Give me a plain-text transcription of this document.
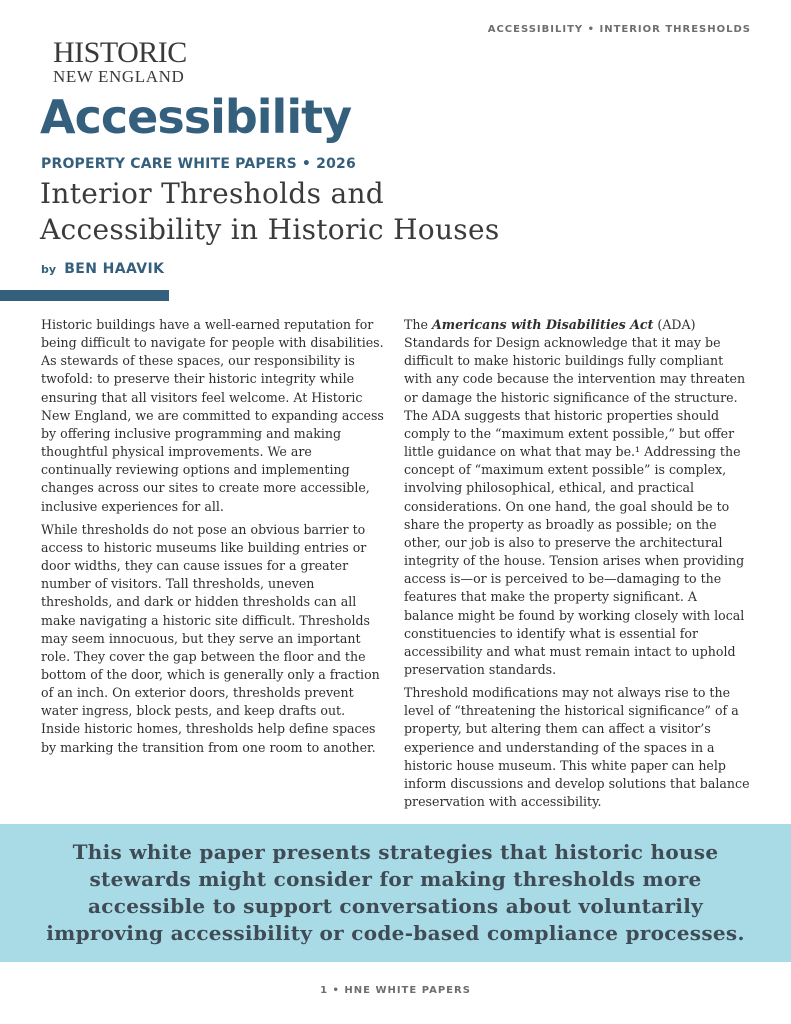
ACCESSIBILITY • INTERIOR THRESHOLDS
HISTORIC
NEW ENGLAND
Accessibility
PROPERTY CARE WHITE PAPERS • 2026
Interior Thresholds and
Accessibility in Historic Houses
by BEN HAAVIK

Historic buildings have a well-earned reputation for being difficult to navigate for people with disabilities. As stewards of these spaces, our responsibility is twofold: to preserve their historic integrity while ensuring that all visitors feel welcome. At Historic New England, we are committed to expanding access by offering inclusive programming and making thoughtful physical improvements. We are continually reviewing options and implementing changes across our sites to create more accessible, inclusive experiences for all.

While thresholds do not pose an obvious barrier to access to historic museums like building entries or door widths, they can cause issues for a greater number of visitors. Tall thresholds, uneven thresholds, and dark or hidden thresholds can all make navigating a historic site difficult. Thresholds may seem innocuous, but they serve an important role. They cover the gap between the floor and the bottom of the door, which is generally only a fraction of an inch. On exterior doors, thresholds prevent water ingress, block pests, and keep drafts out. Inside historic homes, thresholds help define spaces by marking the transition from one room to another.

The Americans with Disabilities Act (ADA) Standards for Design acknowledge that it may be difficult to make historic buildings fully compliant with any code because the intervention may threaten or damage the historic significance of the structure. The ADA suggests that historic properties should comply to the “maximum extent possible,” but offer little guidance on what that may be.¹ Addressing the concept of “maximum extent possible” is complex, involving philosophical, ethical, and practical considerations. On one hand, the goal should be to share the property as broadly as possible; on the other, our job is also to preserve the architectural integrity of the house. Tension arises when providing access is—or is perceived to be—damaging to the features that make the property significant. A balance might be found by working closely with local constituencies to identify what is essential for accessibility and what must remain intact to uphold preservation standards.

Threshold modifications may not always rise to the level of “threatening the historical significance” of a property, but altering them can affect a visitor’s experience and understanding of the spaces in a historic house museum. This white paper can help inform discussions and develop solutions that balance preservation with accessibility.

This white paper presents strategies that historic house stewards might consider for making thresholds more accessible to support conversations about voluntarily improving accessibility or code-based compliance processes.
1 • HNE WHITE PAPERS
